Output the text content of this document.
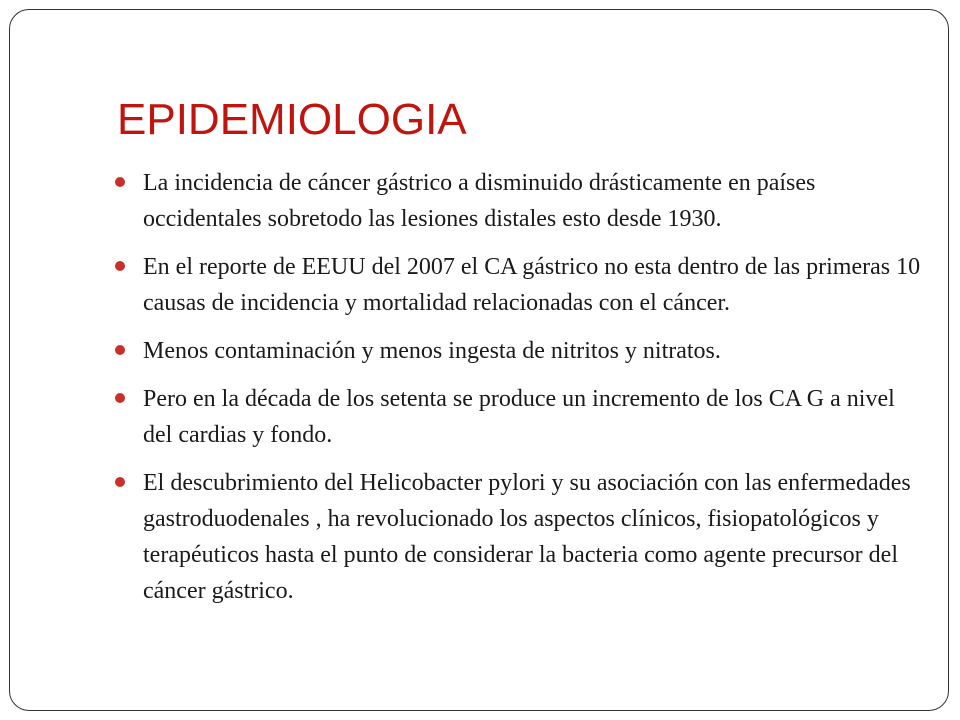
EPIDEMIOLOGIA
La incidencia de cáncer gástrico a disminuido drásticamente en países occidentales sobretodo las lesiones distales esto desde 1930.
En el reporte de EEUU del 2007 el CA gástrico no esta dentro de las primeras 10 causas de incidencia y mortalidad relacionadas con el cáncer.
Menos contaminación y menos ingesta de nitritos y nitratos.
Pero en la década de los setenta se produce un incremento de los CA G a nivel del cardias y fondo.
El descubrimiento del Helicobacter pylori y su asociación con las enfermedades gastroduodenales , ha revolucionado los aspectos clínicos, fisiopatológicos y terapéuticos hasta el punto de considerar la bacteria como agente precursor del cáncer gástrico.
